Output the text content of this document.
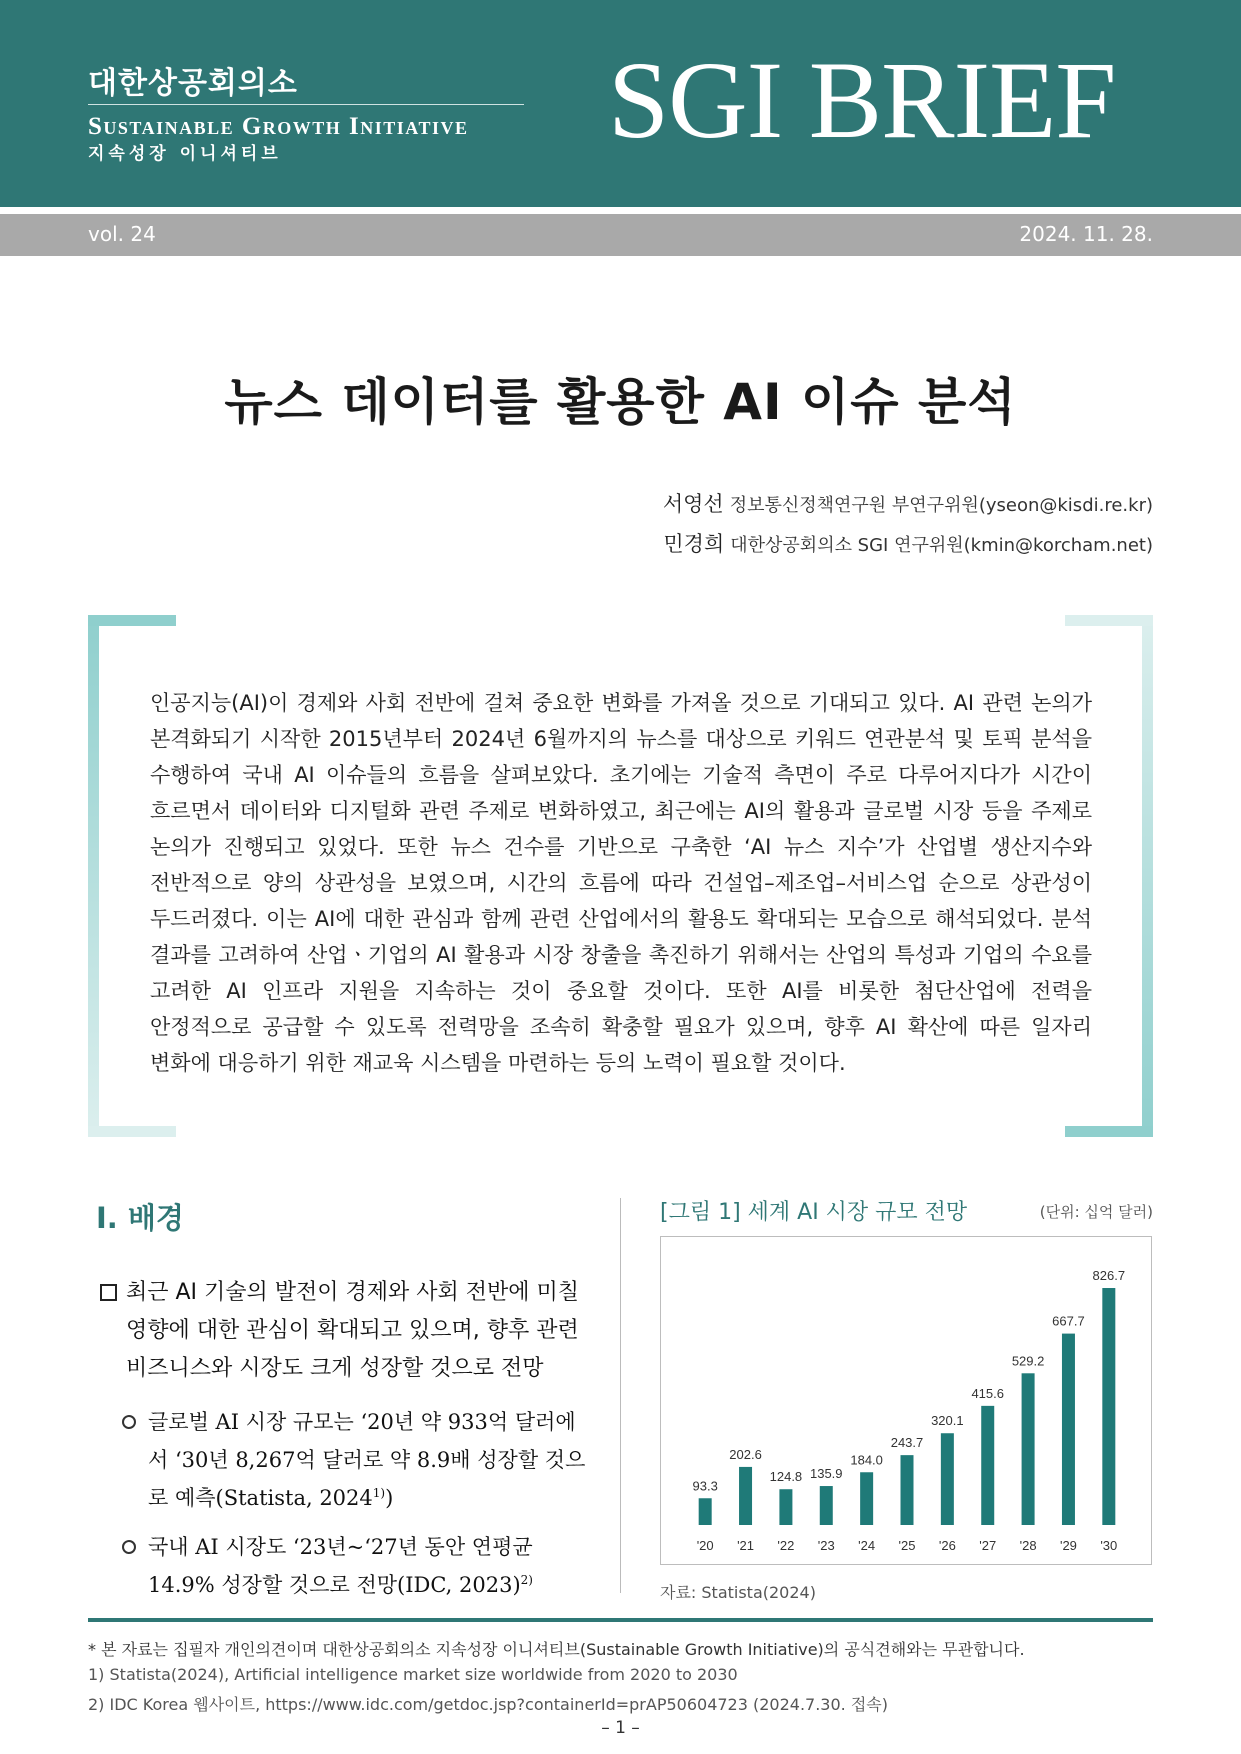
대한상공회의소
Sustainable Growth Initiative
지속성장 이니셔티브	SGI BRIEF
vol. 24	2024. 11. 28.
뉴스 데이터를 활용한 AI 이슈 분석
서영선 정보통신정책연구원 부연구위원(yseon@kisdi.re.kr)
민경희 대한상공회의소 SGI 연구위원(kmin@korcham.net)

인공지능(AI)이 경제와 사회 전반에 걸쳐 중요한 변화를 가져올 것으로 기대되고 있다. AI 관련 논의가 본격화되기 시작한 2015년부터 2024년 6월까지의 뉴스를 대상으로 키워드 연관분석 및 토픽 분석을 수행하여 국내 AI 이슈들의 흐름을 살펴보았다. 초기에는 기술적 측면이 주로 다루어지다가 시간이 흐르면서 데이터와 디지털화 관련 주제로 변화하였고, 최근에는 AI의 활용과 글로벌 시장 등을 주제로 논의가 진행되고 있었다. 또한 뉴스 건수를 기반으로 구축한 ‘AI 뉴스 지수’가 산업별 생산지수와 전반적으로 양의 상관성을 보였으며, 시간의 흐름에 따라 건설업–제조업–서비스업 순으로 상관성이 두드러졌다. 이는 AI에 대한 관심과 함께 관련 산업에서의 활용도 확대되는 모습으로 해석되었다. 분석 결과를 고려하여 산업ㆍ기업의 AI 활용과 시장 창출을 촉진하기 위해서는 산업의 특성과 기업의 수요를 고려한 AI 인프라 지원을 지속하는 것이 중요할 것이다. 또한 AI를 비롯한 첨단산업에 전력을 안정적으로 공급할 수 있도록 전력망을 조속히 확충할 필요가 있으며, 향후 AI 확산에 따른 일자리 변화에 대응하기 위한 재교육 시스템을 마련하는 등의 노력이 필요할 것이다.

Ⅰ. 배경
최근 AI 기술의 발전이 경제와 사회 전반에 미칠 영향에 대한 관심이 확대되고 있으며, 향후 관련 비즈니스와 시장도 크게 성장할 것으로 전망
글로벌 AI 시장 규모는 ‘20년 약 933억 달러에서 ‘30년 8,267억 달러로 약 8.9배 성장할 것으로 예측(Statista, 2024$^{1)}$)
국내 AI 시장도 ‘23년~‘27년 동안 연평균 14.9% 성장할 것으로 전망(IDC, 2023)$^{2)}$
[그림 1] 세계 AI 시장 규모 전망	(단위: 십억 달러)
93.3
'20
202.6
'21
124.8
'22
135.9
'23
184.0
'24
243.7
'25
320.1
'26
415.6
'27
529.2
'28
667.7
'29
826.7
'30
자료: Statista(2024)
* 본 자료는 집필자 개인의견이며 대한상공회의소 지속성장 이니셔티브(Sustainable Growth Initiative)의 공식견해와는 무관합니다.
1) Statista(2024), Artificial intelligence market size worldwide from 2020 to 2030
2) IDC Korea 웹사이트, https://www.idc.com/getdoc.jsp?containerId=prAP50604723 (2024.7.30. 접속)
– 1 –
